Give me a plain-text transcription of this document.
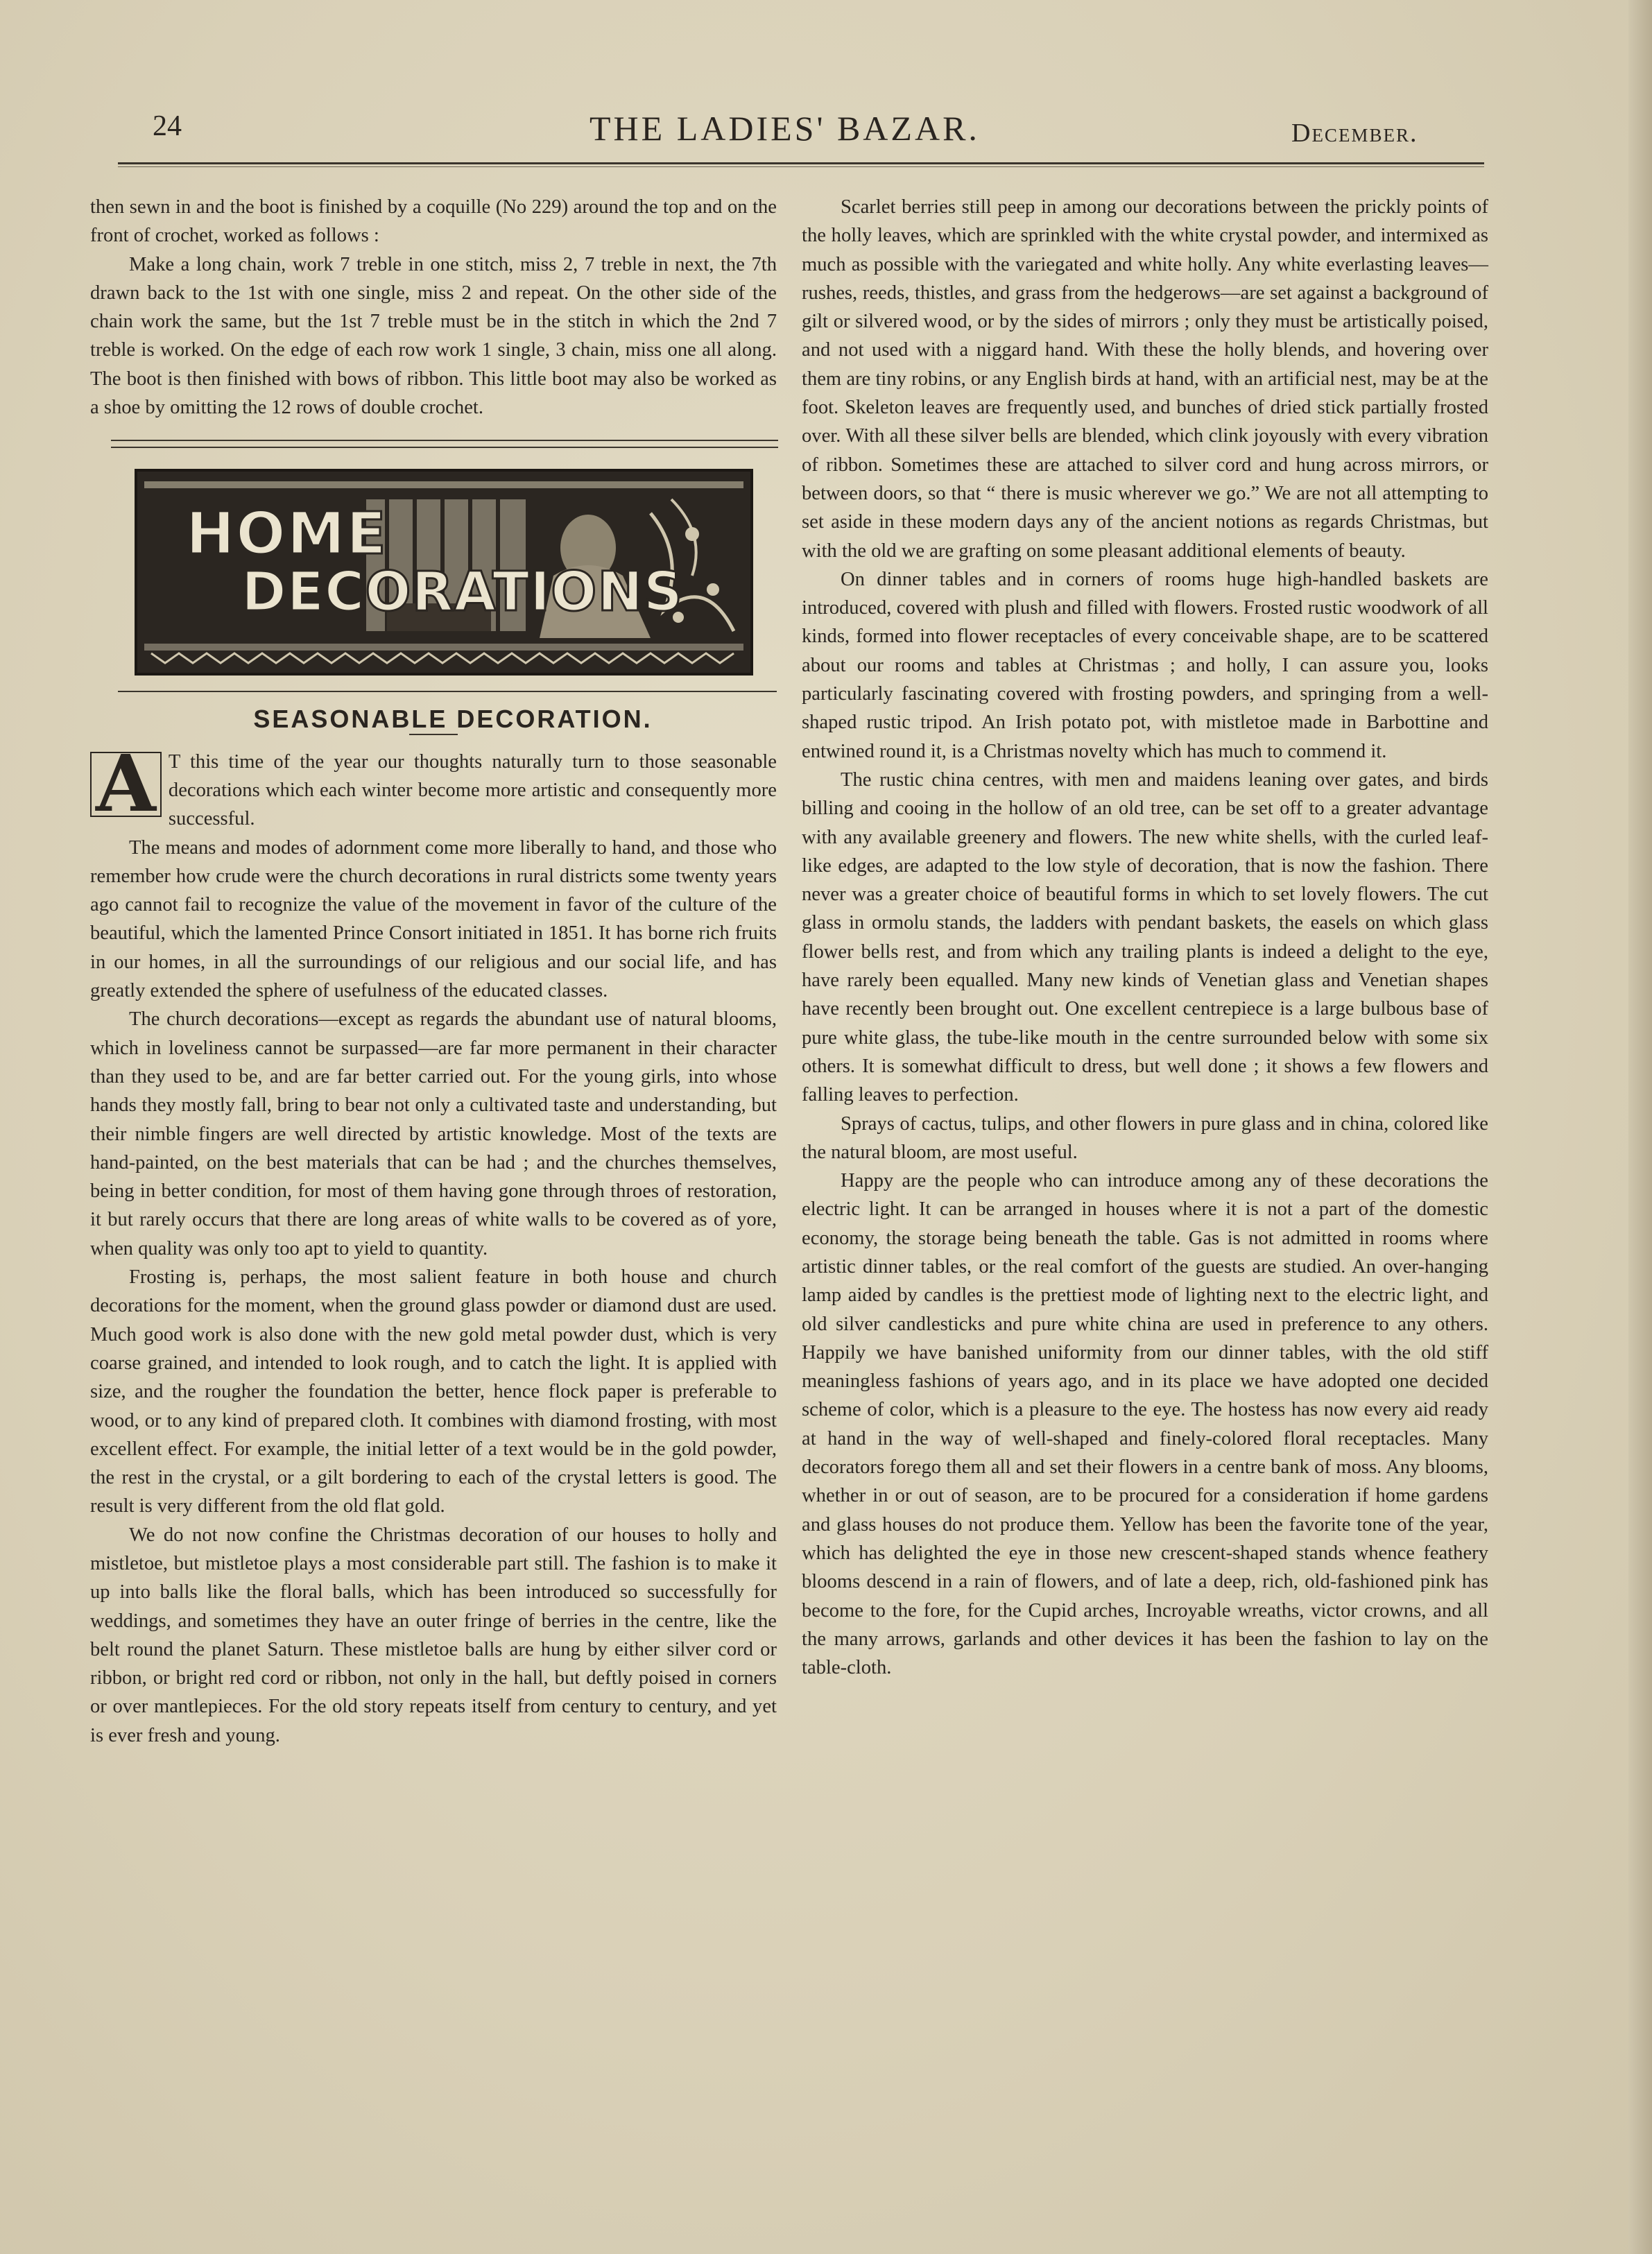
24	THE LADIES' BAZAR.	December.

then sewn in and the boot is finished by a coquille (No 229) around the top and on the front of crochet, worked as follows :

Make a long chain, work 7 treble in one stitch, miss 2, 7 treble in next, the 7th drawn back to the 1st with one single, miss 2 and repeat. On the other side of the chain work the same, but the 1st 7 treble must be in the stitch in which the 2nd 7 treble is worked. On the edge of each row work 1 single, 3 chain, miss one all along. The boot is then finished with bows of ribbon. This little boot may also be worked as a shoe by omitting the 12 rows of double crochet.

HOME
DECORATIONS

SEASONABLE DECORATION.

A T this time of the year our thoughts naturally turn to those seasonable decorations which each winter become more artistic and consequently more successful.

The means and modes of adornment come more liberally to hand, and those who remember how crude were the church decorations in rural districts some twenty years ago cannot fail to recognize the value of the movement in favor of the culture of the beautiful, which the lamented Prince Consort initiated in 1851. It has borne rich fruits in our homes, in all the surroundings of our religious and our social life, and has greatly extended the sphere of usefulness of the educated classes.

The church decorations—except as regards the abundant use of natural blooms, which in loveliness cannot be surpassed—are far more permanent in their character than they used to be, and are far better carried out. For the young girls, into whose hands they mostly fall, bring to bear not only a cultivated taste and understanding, but their nimble fingers are well directed by artistic knowledge. Most of the texts are hand-painted, on the best materials that can be had ; and the churches themselves, being in better condition, for most of them having gone through throes of restoration, it but rarely occurs that there are long areas of white walls to be covered as of yore, when quality was only too apt to yield to quantity.

Frosting is, perhaps, the most salient feature in both house and church decorations for the moment, when the ground glass powder or diamond dust are used. Much good work is also done with the new gold metal powder dust, which is very coarse grained, and intended to look rough, and to catch the light. It is applied with size, and the rougher the foundation the better, hence flock paper is preferable to wood, or to any kind of prepared cloth. It combines with diamond frosting, with most excellent effect. For example, the initial letter of a text would be in the gold powder, the rest in the crystal, or a gilt bordering to each of the crystal letters is good. The result is very different from the old flat gold.

We do not now confine the Christmas decoration of our houses to holly and mistletoe, but mistletoe plays a most considerable part still. The fashion is to make it up into balls like the floral balls, which has been introduced so successfully for weddings, and sometimes they have an outer fringe of berries in the centre, like the belt round the planet Saturn. These mistletoe balls are hung by either silver cord or ribbon, or bright red cord or ribbon, not only in the hall, but deftly poised in corners or over mantlepieces. For the old story repeats itself from century to century, and yet is ever fresh and young.

Scarlet berries still peep in among our decorations between the prickly points of the holly leaves, which are sprinkled with the white crystal powder, and intermixed as much as possible with the variegated and white holly. Any white everlasting leaves—rushes, reeds, thistles, and grass from the hedgerows—are set against a background of gilt or silvered wood, or by the sides of mirrors ; only they must be artistically poised, and not used with a niggard hand. With these the holly blends, and hovering over them are tiny robins, or any English birds at hand, with an artificial nest, may be at the foot. Skeleton leaves are frequently used, and bunches of dried stick partially frosted over. With all these silver bells are blended, which clink joyously with every vibration of ribbon. Sometimes these are attached to silver cord and hung across mirrors, or between doors, so that “ there is music wherever we go.” We are not all attempting to set aside in these modern days any of the ancient notions as regards Christmas, but with the old we are grafting on some pleasant additional elements of beauty.

On dinner tables and in corners of rooms huge high-handled baskets are introduced, covered with plush and filled with flowers. Frosted rustic woodwork of all kinds, formed into flower receptacles of every conceivable shape, are to be scattered about our rooms and tables at Christmas ; and holly, I can assure you, looks particularly fascinating covered with frosting powders, and springing from a well-shaped rustic tripod. An Irish potato pot, with mistletoe made in Barbottine and entwined round it, is a Christmas novelty which has much to commend it.

The rustic china centres, with men and maidens leaning over gates, and birds billing and cooing in the hollow of an old tree, can be set off to a greater advantage with any available greenery and flowers. The new white shells, with the curled leaf-like edges, are adapted to the low style of decoration, that is now the fashion. There never was a greater choice of beautiful forms in which to set lovely flowers. The cut glass in ormolu stands, the ladders with pendant baskets, the easels on which glass flower bells rest, and from which any trailing plants is indeed a delight to the eye, have rarely been equalled. Many new kinds of Venetian glass and Venetian shapes have recently been brought out. One excellent centrepiece is a large bulbous base of pure white glass, the tube-like mouth in the centre surrounded below with some six others. It is somewhat difficult to dress, but well done ; it shows a few flowers and falling leaves to perfection.

Sprays of cactus, tulips, and other flowers in pure glass and in china, colored like the natural bloom, are most useful.

Happy are the people who can introduce among any of these decorations the electric light. It can be arranged in houses where it is not a part of the domestic economy, the storage being beneath the table. Gas is not admitted in rooms where artistic dinner tables, or the real comfort of the guests are studied. An over-hanging lamp aided by candles is the prettiest mode of lighting next to the electric light, and old silver candlesticks and pure white china are used in preference to any others. Happily we have banished uniformity from our dinner tables, with the old stiff meaningless fashions of years ago, and in its place we have adopted one decided scheme of color, which is a pleasure to the eye. The hostess has now every aid ready at hand in the way of well-shaped and finely-colored floral receptacles. Many decorators forego them all and set their flowers in a centre bank of moss. Any blooms, whether in or out of season, are to be procured for a consideration if home gardens and glass houses do not produce them. Yellow has been the favorite tone of the year, which has delighted the eye in those new crescent-shaped stands whence feathery blooms descend in a rain of flowers, and of late a deep, rich, old-fashioned pink has become to the fore, for the Cupid arches, Incroyable wreaths, victor crowns, and all the many arrows, garlands and other devices it has been the fashion to lay on the table-cloth.
